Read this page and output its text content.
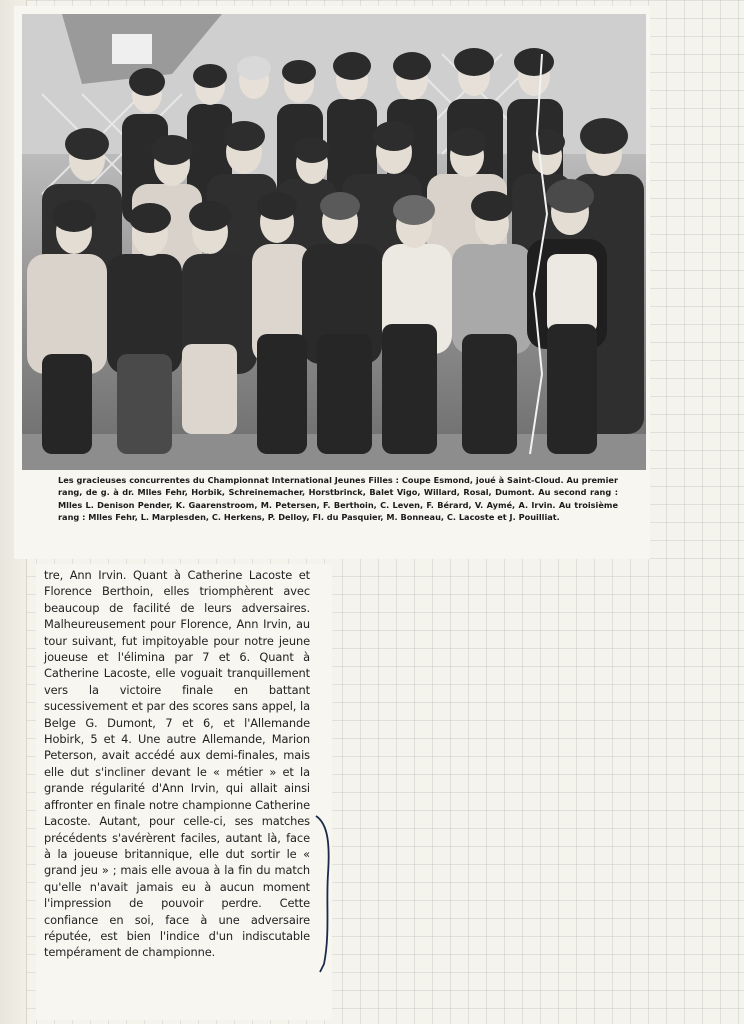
Les gracieuses concurrentes du Championnat International Jeunes Filles : Coupe Esmond, joué à Saint-Cloud. Au premier rang, de g. à dr. Mlles Fehr, Horbik, Schreinemacher, Horstbrinck, Balet Vigo, Willard, Rosal, Dumont. Au second rang : Mlles L. Denison Pender, K. Gaarenstroom, M. Petersen, F. Berthoin, C. Leven, F. Bérard, V. Aymé, A. Irvin. Au troisième rang : Mlles Fehr, L. Marplesden, C. Herkens, P. Delloy, Fl. du Pasquier, M. Bonneau, C. Lacoste et J. Pouilliat.

tre, Ann Irvin. Quant à Catherine Lacoste et Florence Berthoin, elles triomphèrent avec beaucoup de facilité de leurs adversaires. Malheureusement pour Florence, Ann Irvin, au tour suivant, fut impitoyable pour notre jeune joueuse et l'élimina par 7 et 6. Quant à Catherine Lacoste, elle voguait tranquillement vers la victoire finale en battant sucessivement et par des scores sans appel, la Belge G. Dumont, 7 et 6, et l'Allemande Hobirk, 5 et 4. Une autre Allemande, Marion Peterson, avait accédé aux demi-finales, mais elle dut s'incliner devant le « métier » et la grande régularité d'Ann Irvin, qui allait ainsi affronter en finale notre championne Catherine Lacoste. Autant, pour celle-ci, ses matches précédents s'avérèrent faciles, autant là, face à la joueuse britannique, elle dut sortir le « grand jeu » ; mais elle avoua à la fin du match qu'elle n'avait jamais eu à aucun moment l'impression de pouvoir perdre. Cette confiance en soi, face à une adversaire réputée, est bien l'indice d'un indiscutable tempérament de championne.
